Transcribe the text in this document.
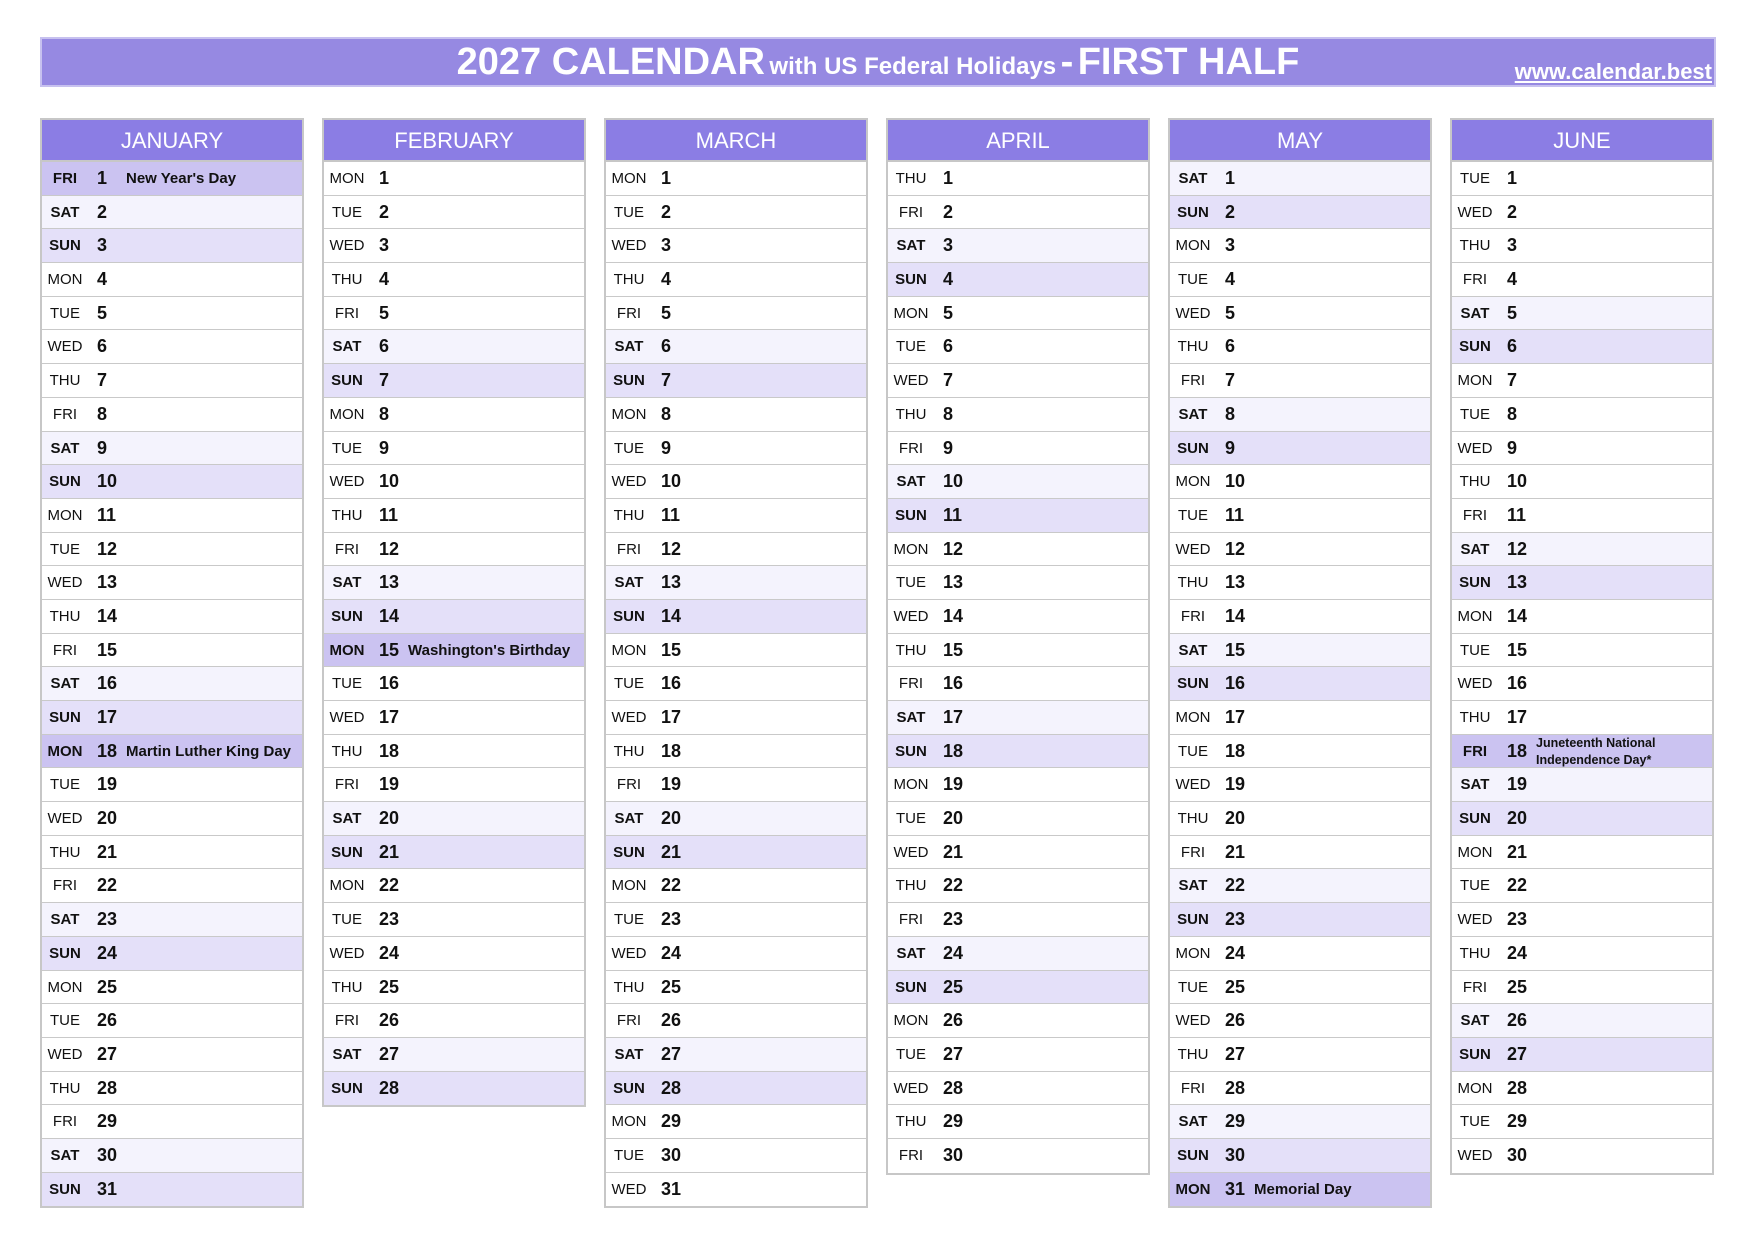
2027 CALENDAR with US Federal Holidays - FIRST HALF	www.calendar.best
JANUARY
FRI	1 New Year's Day
SAT 2
SUN 3
MON 4
TUE 5
WED 6
THU 7
FRI	8
SAT 9
SUN 10
MON 11
TUE 12
WED 13
THU 14
FRI	15
SAT 16
SUN 17
MON 18 Martin Luther King Day
TUE 19
WED 20
THU 21
FRI	22
SAT 23
SUN 24
MON 25
TUE 26
WED 27
THU 28
FRI	29
SAT 30
SUN 31
FEBRUARY
MON 1
TUE 2
WED 3
THU 4
FRI	5
SAT 6
SUN 7
MON 8
TUE 9
WED 10
THU 11
FRI	12
SAT 13
SUN 14
MON 15 Washington's Birthday
TUE 16
WED 17
THU 18
FRI	19
SAT 20
SUN 21
MON 22
TUE 23
WED 24
THU 25
FRI	26
SAT 27
SUN 28
MARCH
MON 1
TUE 2
WED 3
THU 4
FRI	5
SAT 6
SUN 7
MON 8
TUE 9
WED 10
THU 11
FRI	12
SAT 13
SUN 14
MON 15
TUE 16
WED 17
THU 18
FRI	19
SAT 20
SUN 21
MON 22
TUE 23
WED 24
THU 25
FRI	26
SAT 27
SUN 28
MON 29
TUE 30
WED 31
APRIL
THU 1
FRI	2
SAT 3
SUN 4
MON 5
TUE 6
WED 7
THU 8
FRI	9
SAT 10
SUN 11
MON 12
TUE 13
WED 14
THU 15
FRI	16
SAT 17
SUN 18
MON 19
TUE 20
WED 21
THU 22
FRI	23
SAT 24
SUN 25
MON 26
TUE 27
WED 28
THU 29
FRI	30
MAY
SAT 1
SUN 2
MON 3
TUE 4
WED 5
THU 6
FRI	7
SAT 8
SUN 9
MON 10
TUE 11
WED 12
THU 13
FRI	14
SAT 15
SUN 16
MON 17
TUE 18
WED 19
THU 20
FRI	21
SAT 22
SUN 23
MON 24
TUE 25
WED 26
THU 27
FRI	28
SAT 29
SUN 30
MON 31 Memorial Day
JUNE
TUE 1
WED 2
THU 3
FRI	4
SAT 5
SUN 6
MON 7
TUE 8
WED 9
THU 10
FRI	11
SAT 12
SUN 13
MON 14
TUE 15
WED 16
THU 17
FRI	18 Juneteenth National Independence Day*
SAT 19
SUN 20
MON 21
TUE 22
WED 23
THU 24
FRI	25
SAT 26
SUN 27
MON 28
TUE 29
WED 30
